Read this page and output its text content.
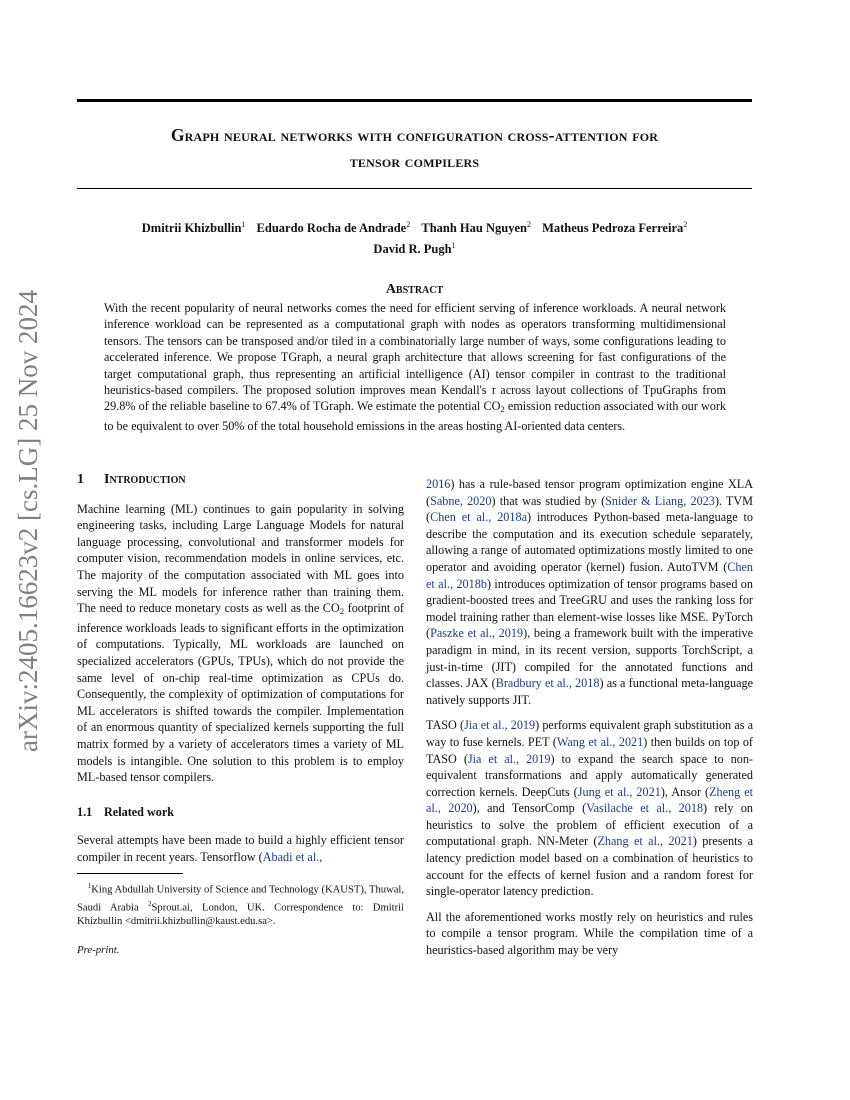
arXiv:2405.16623v2 [cs.LG] 25 Nov 2024
Graph neural networks with configuration cross-attention for
tensor compilers
Dmitrii Khizbullin$^1$ Eduardo Rocha de Andrade$^2$ Thanh Hau Nguyen$^2$ Matheus Pedroza Ferreira$^2$
David R. Pugh$^1$
Abstract
With the recent popularity of neural networks comes the need for efficient serving of inference workloads. A neural network inference workload can be represented as a computational graph with nodes as operators transforming multidimensional tensors. The tensors can be transposed and/or tiled in a combinatorially large number of ways, some configurations leading to accelerated inference. We propose TGraph, a neural graph architecture that allows screening for fast configurations of the target computational graph, thus representing an artificial intelligence (AI) tensor compiler in contrast to the traditional heuristics-based compilers. The proposed solution improves mean Kendall's τ across layout collections of TpuGraphs from 29.8% of the reliable baseline to 67.4% of TGraph. We estimate the potential $CO_2$ emission reduction associated with our work to be equivalent to over 50% of the total household emissions in the areas hosting AI-oriented data centers.
1 Introduction

Machine learning (ML) continues to gain popularity in solving engineering tasks, including Large Language Models for natural language processing, convolutional and transformer models for computer vision, recommendation models in online services, etc. The majority of the computation associated with ML goes into serving the ML models for inference rather than training them. The need to reduce monetary costs as well as the $CO_2$ footprint of inference workloads leads to significant efforts in the optimization of computations. Typically, ML workloads are launched on specialized accelerators (GPUs, TPUs), which do not provide the same level of on-chip real-time optimization as CPUs do. Consequently, the complexity of optimization of computations for ML accelerators is shifted towards the compiler. Implementation of an enormous quantity of specialized kernels supporting the full matrix formed by a variety of accelerators times a variety of ML models is intangible. One solution to this problem is to employ ML-based tensor compilers.

1.1 Related work

Several attempts have been made to build a highly efficient tensor compiler in recent years. Tensorflow (Abadi et al.,

$^1$King Abdullah University of Science and Technology (KAUST), Thuwal, Saudi Arabia $^2$Sprout.ai, London, UK. Correspondence to: Dmitrii Khizbullin <dmitrii.khizbullin@kaust.edu.sa>.
Pre-print.

2016) has a rule-based tensor program optimization engine XLA (Sabne, 2020) that was studied by (Snider & Liang, 2023). TVM (Chen et al., 2018a) introduces Python-based meta-language to describe the computation and its execution schedule separately, allowing a range of automated optimizations mostly limited to one operator and avoiding operator (kernel) fusion. AutoTVM (Chen et al., 2018b) introduces optimization of tensor programs based on gradient-boosted trees and TreeGRU and uses the ranking loss for model training rather than element-wise losses like MSE. PyTorch (Paszke et al., 2019), being a framework built with the imperative paradigm in mind, in its recent version, supports TorchScript, a just-in-time (JIT) compiled for the annotated functions and classes. JAX (Bradbury et al., 2018) as a functional meta-language natively supports JIT.

TASO (Jia et al., 2019) performs equivalent graph substitution as a way to fuse kernels. PET (Wang et al., 2021) then builds on top of TASO (Jia et al., 2019) to expand the search space to non-equivalent transformations and apply automatically generated correction kernels. DeepCuts (Jung et al., 2021), Ansor (Zheng et al., 2020), and TensorComp (Vasilache et al., 2018) rely on heuristics to solve the problem of efficient execution of a computational graph. NN-Meter (Zhang et al., 2021) presents a latency prediction model based on a combination of heuristics to account for the effects of kernel fusion and a random forest for single-operator latency prediction.

All the aforementioned works mostly rely on heuristics and rules to compile a tensor program. While the compilation time of a heuristics-based algorithm may be very
